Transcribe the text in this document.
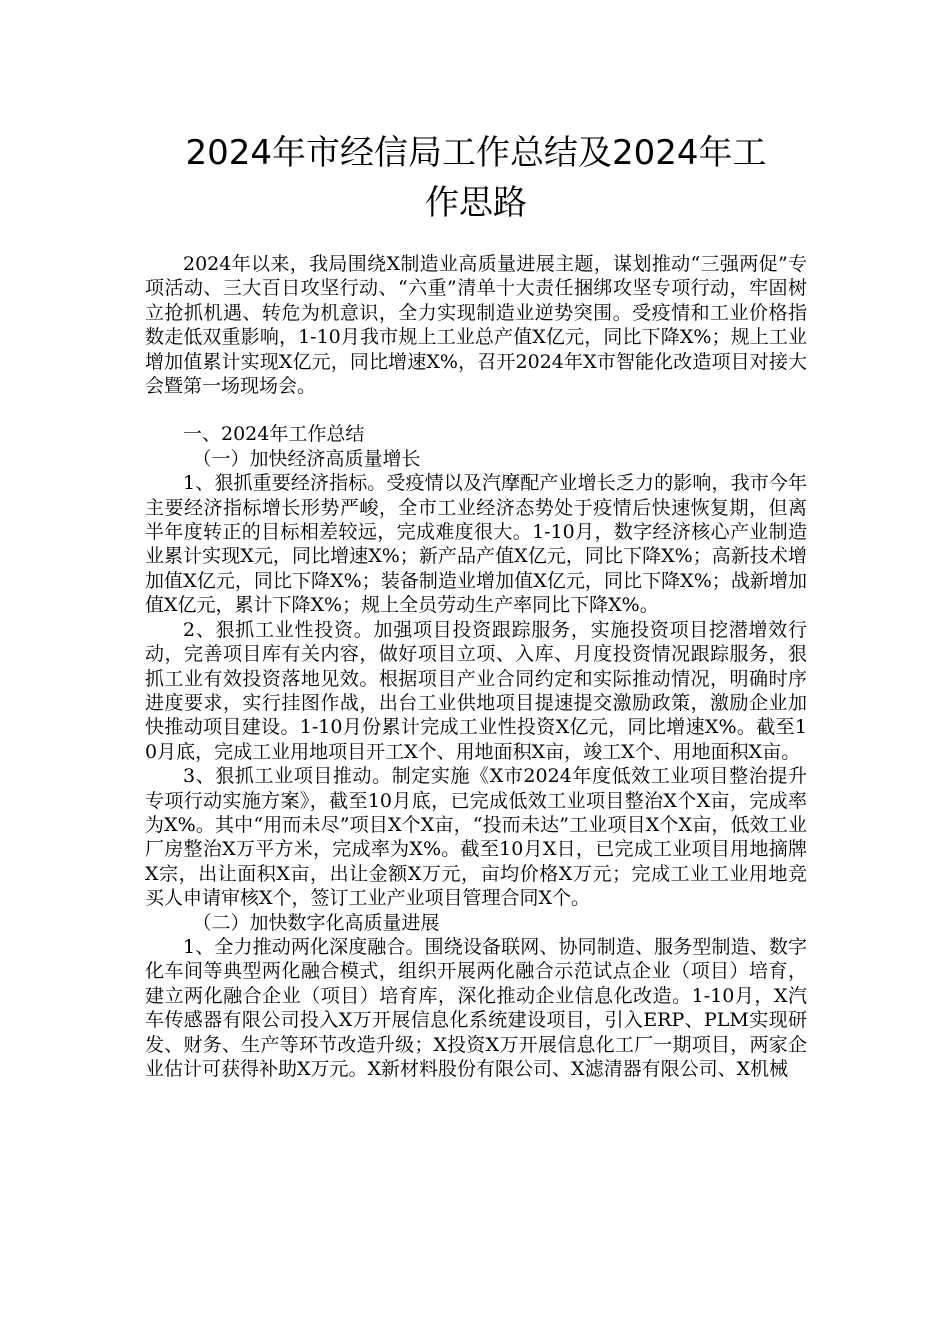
2024年市经信局工作总结及2024年工
作思路

2024年以来，我局围绕X制造业高质量进展主题，谋划推动“三强两促”专项活动、三大百日攻坚行动、“六重”清单十大责任捆绑攻坚专项行动，牢固树立抢抓机遇、转危为机意识，全力实现制造业逆势突围。受疫情和工业价格指数走低双重影响，1-10月我市规上工业总产值X亿元，同比下降X%；规上工业增加值累计实现X亿元，同比增速X%，召开2024年X市智能化改造项目对接大会暨第一场现场会。

一、2024年工作总结

（一）加快经济高质量增长

1、狠抓重要经济指标。受疫情以及汽摩配产业增长乏力的影响，我市今年主要经济指标增长形势严峻，全市工业经济态势处于疫情后快速恢复期，但离半年度转正的目标相差较远，完成难度很大。1-10月，数字经济核心产业制造业累计实现X元，同比增速X%；新产品产值X亿元，同比下降X%；高新技术增加值X亿元，同比下降X%；装备制造业增加值X亿元，同比下降X%；战新增加值X亿元，累计下降X%；规上全员劳动生产率同比下降X%。

2、狠抓工业性投资。加强项目投资跟踪服务，实施投资项目挖潜增效行动，完善项目库有关内容，做好项目立项、入库、月度投资情况跟踪服务，狠抓工业有效投资落地见效。根据项目产业合同约定和实际推动情况，明确时序进度要求，实行挂图作战，出台工业供地项目提速提交激励政策，激励企业加快推动项目建设。1-10月份累计完成工业性投资X亿元，同比增速X%。截至10月底，完成工业用地项目开工X个、用地面积X亩，竣工X个、用地面积X亩。

3、狠抓工业项目推动。制定实施《X市2024年度低效工业项目整治提升专项行动实施方案》，截至10月底，已完成低效工业项目整治X个X亩，完成率为X%。其中“用而未尽”项目X个X亩，“投而未达”工业项目X个X亩，低效工业厂房整治X万平方米，完成率为X%。截至10月X日，已完成工业项目用地摘牌X宗，出让面积X亩，出让金额X万元，亩均价格X万元；完成工业工业用地竞买人申请审核X个，签订工业产业项目管理合同X个。

（二）加快数字化高质量进展

1、全力推动两化深度融合。围绕设备联网、协同制造、服务型制造、数字化车间等典型两化融合模式，组织开展两化融合示范试点企业（项目）培育，建立两化融合企业（项目）培育库，深化推动企业信息化改造。1-10月，X汽车传感器有限公司投入X万开展信息化系统建设项目，引入ERP、PLM实现研发、财务、生产等环节改造升级；X投资X万开展信息化工厂一期项目，两家企业估计可获得补助X万元。X新材料股份有限公司、X滤清器有限公司、X机械
